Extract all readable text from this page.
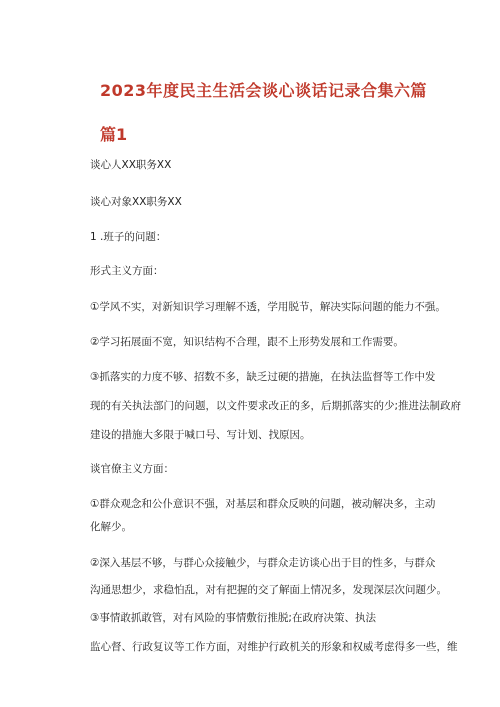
2023年度民主生活会谈心谈话记录合集六篇
篇1
谈心人XX职务XX
谈心对象XX职务XX
1 .班子的问题：
形式主义方面：
①学风不实，对新知识学习理解不透，学用脱节，解决实际问题的能力不强。
②学习拓展面不宽，知识结构不合理，跟不上形势发展和工作需要。
③抓落实的力度不够、招数不多，缺乏过硬的措施，在执法监督等工作中发
现的有关执法部门的问题，以文件要求改正的多，后期抓落实的少;推进法制政府
建设的措施大多限于喊口号、写计划、找原因。
谈官僚主义方面：
①群众观念和公仆意识不强，对基层和群众反映的问题，被动解决多，主动
化解少。
②深入基层不够，与群心众接触少，与群众走访谈心出于目的性多，与群众
沟通思想少，求稳怕乱，对有把握的交了解面上情况多，发现深层次问题少。
③事情敢抓敢管，对有风险的事情敷衍推脱;在政府决策、执法
监心督、行政复议等工作方面，对维护行政机关的形象和权威考虑得多一些，维
